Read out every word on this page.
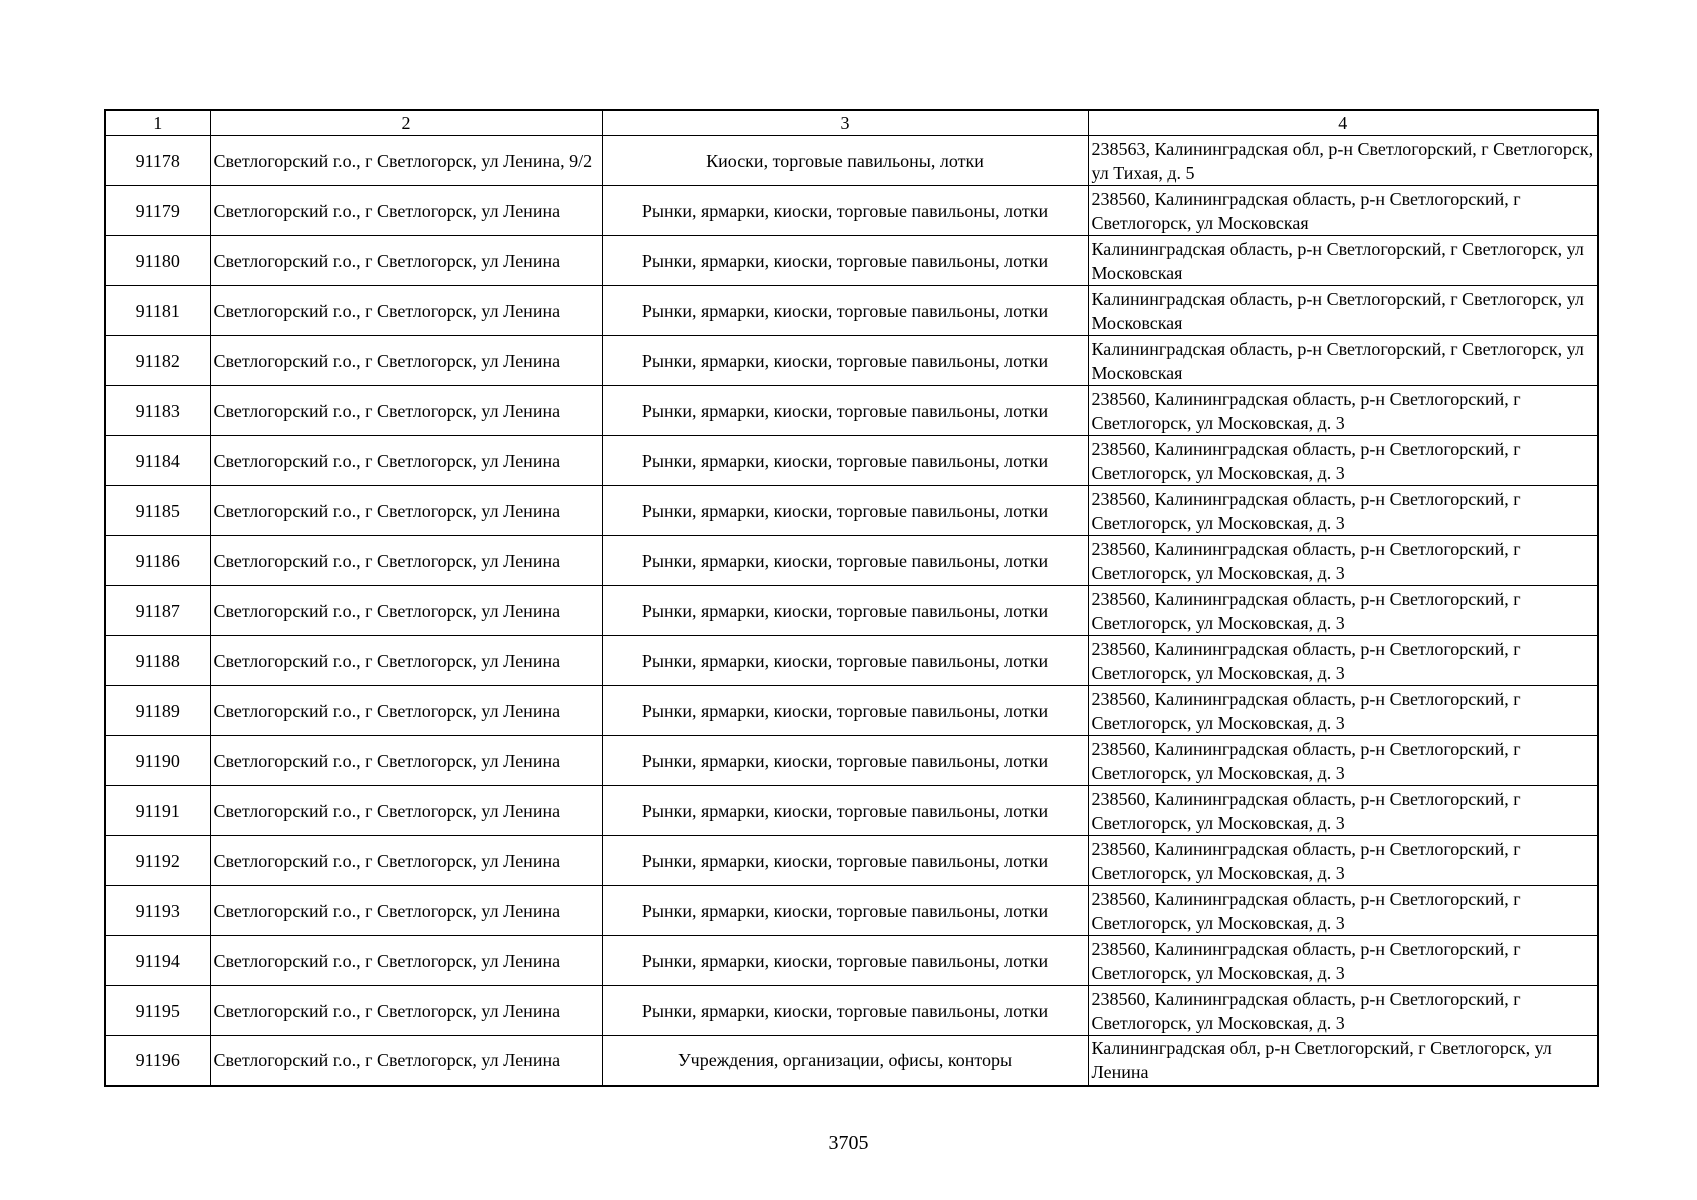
1	2	3	4
91178	Светлогорский г.о., г Светлогорск, ул Ленина, 9/2	Киоски, торговые павильоны, лотки	238563, Калининградская обл, р-н Светлогорский, г Светлогорск, ул Тихая, д. 5
91179	Светлогорский г.о., г Светлогорск, ул Ленина	Рынки, ярмарки, киоски, торговые павильоны, лотки	238560, Калининградская область, р-н Светлогорский, г Светлогорск, ул Московская
91180	Светлогорский г.о., г Светлогорск, ул Ленина	Рынки, ярмарки, киоски, торговые павильоны, лотки	Калининградская область, р-н Светлогорский, г Светлогорск, ул Московская
91181	Светлогорский г.о., г Светлогорск, ул Ленина	Рынки, ярмарки, киоски, торговые павильоны, лотки	Калининградская область, р-н Светлогорский, г Светлогорск, ул Московская
91182	Светлогорский г.о., г Светлогорск, ул Ленина	Рынки, ярмарки, киоски, торговые павильоны, лотки	Калининградская область, р-н Светлогорский, г Светлогорск, ул Московская
91183	Светлогорский г.о., г Светлогорск, ул Ленина	Рынки, ярмарки, киоски, торговые павильоны, лотки	238560, Калининградская область, р-н Светлогорский, г Светлогорск, ул Московская, д. 3
91184	Светлогорский г.о., г Светлогорск, ул Ленина	Рынки, ярмарки, киоски, торговые павильоны, лотки	238560, Калининградская область, р-н Светлогорский, г Светлогорск, ул Московская, д. 3
91185	Светлогорский г.о., г Светлогорск, ул Ленина	Рынки, ярмарки, киоски, торговые павильоны, лотки	238560, Калининградская область, р-н Светлогорский, г Светлогорск, ул Московская, д. 3
91186	Светлогорский г.о., г Светлогорск, ул Ленина	Рынки, ярмарки, киоски, торговые павильоны, лотки	238560, Калининградская область, р-н Светлогорский, г Светлогорск, ул Московская, д. 3
91187	Светлогорский г.о., г Светлогорск, ул Ленина	Рынки, ярмарки, киоски, торговые павильоны, лотки	238560, Калининградская область, р-н Светлогорский, г Светлогорск, ул Московская, д. 3
91188	Светлогорский г.о., г Светлогорск, ул Ленина	Рынки, ярмарки, киоски, торговые павильоны, лотки	238560, Калининградская область, р-н Светлогорский, г Светлогорск, ул Московская, д. 3
91189	Светлогорский г.о., г Светлогорск, ул Ленина	Рынки, ярмарки, киоски, торговые павильоны, лотки	238560, Калининградская область, р-н Светлогорский, г Светлогорск, ул Московская, д. 3
91190	Светлогорский г.о., г Светлогорск, ул Ленина	Рынки, ярмарки, киоски, торговые павильоны, лотки	238560, Калининградская область, р-н Светлогорский, г Светлогорск, ул Московская, д. 3
91191	Светлогорский г.о., г Светлогорск, ул Ленина	Рынки, ярмарки, киоски, торговые павильоны, лотки	238560, Калининградская область, р-н Светлогорский, г Светлогорск, ул Московская, д. 3
91192	Светлогорский г.о., г Светлогорск, ул Ленина	Рынки, ярмарки, киоски, торговые павильоны, лотки	238560, Калининградская область, р-н Светлогорский, г Светлогорск, ул Московская, д. 3
91193	Светлогорский г.о., г Светлогорск, ул Ленина	Рынки, ярмарки, киоски, торговые павильоны, лотки	238560, Калининградская область, р-н Светлогорский, г Светлогорск, ул Московская, д. 3
91194	Светлогорский г.о., г Светлогорск, ул Ленина	Рынки, ярмарки, киоски, торговые павильоны, лотки	238560, Калининградская область, р-н Светлогорский, г Светлогорск, ул Московская, д. 3
91195	Светлогорский г.о., г Светлогорск, ул Ленина	Рынки, ярмарки, киоски, торговые павильоны, лотки	238560, Калининградская область, р-н Светлогорский, г Светлогорск, ул Московская, д. 3
91196	Светлогорский г.о., г Светлогорск, ул Ленина	Учреждения, организации, офисы, конторы	Калининградская обл, р-н Светлогорский, г Светлогорск, ул Ленина
3705
